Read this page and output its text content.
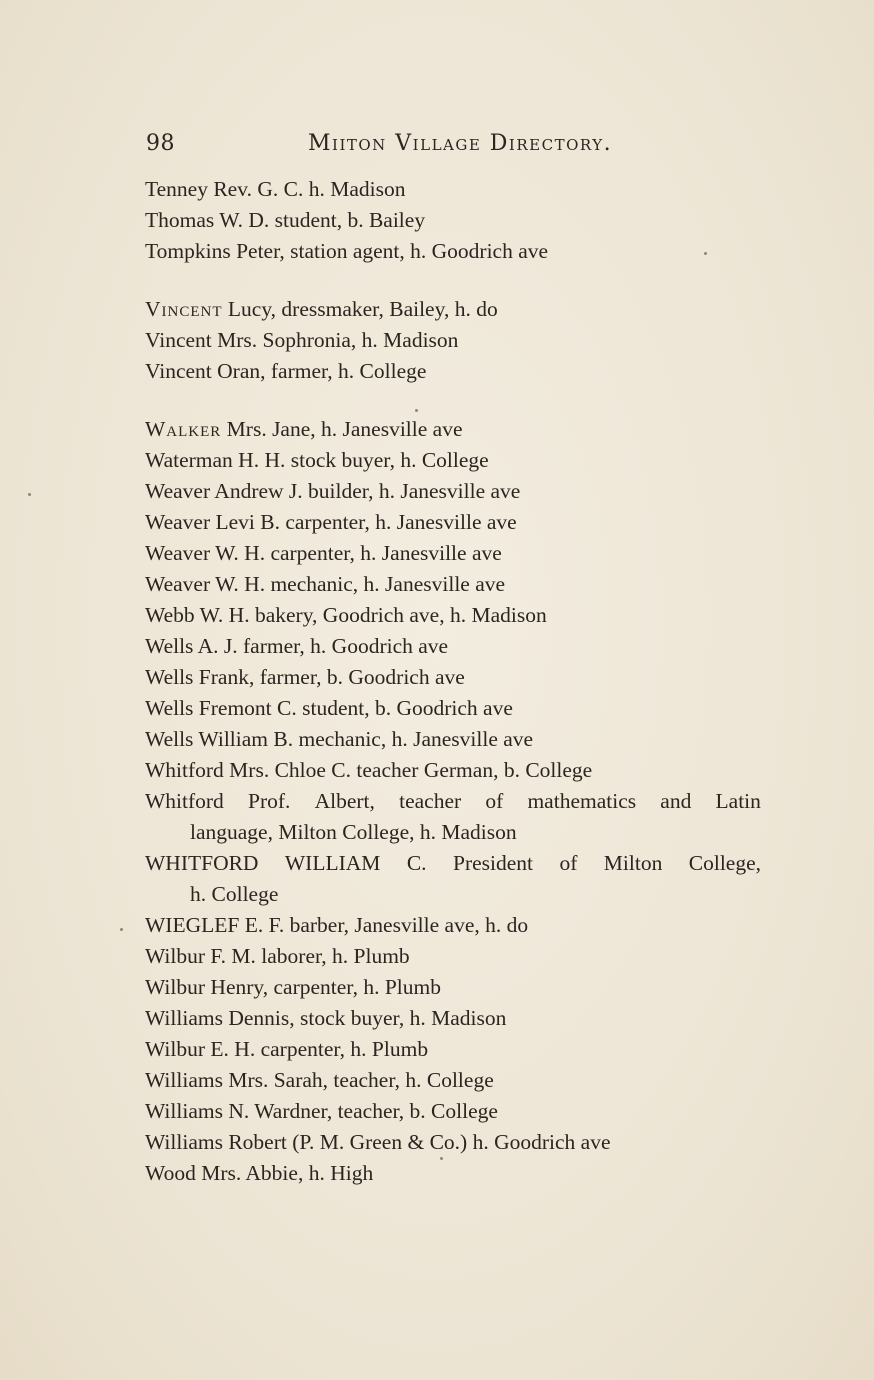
98	Miiton Village Directory.
Tenney Rev. G. C. h. Madison
Thomas W. D. student, b. Bailey
Tompkins Peter, station agent, h. Goodrich ave
Vincent Lucy, dressmaker, Bailey, h. do
Vincent Mrs. Sophronia, h. Madison
Vincent Oran, farmer, h. College
Walker Mrs. Jane, h. Janesville ave
Waterman H. H. stock buyer, h. College
Weaver Andrew J. builder, h. Janesville ave
Weaver Levi B. carpenter, h. Janesville ave
Weaver W. H. carpenter, h. Janesville ave
Weaver W. H. mechanic, h. Janesville ave
Webb W. H. bakery, Goodrich ave, h. Madison
Wells A. J. farmer, h. Goodrich ave
Wells Frank, farmer, b. Goodrich ave
Wells Fremont C. student, b. Goodrich ave
Wells William B. mechanic, h. Janesville ave
Whitford Mrs. Chloe C. teacher German, b. College
Whitford Prof. Albert, teacher of mathematics and Latin
language, Milton College, h. Madison
WHITFORD WILLIAM C. President of Milton College,
h. College
WIEGLEF E. F. barber, Janesville ave, h. do
Wilbur F. M. laborer, h. Plumb
Wilbur Henry, carpenter, h. Plumb
Williams Dennis, stock buyer, h. Madison
Wilbur E. H. carpenter, h. Plumb
Williams Mrs. Sarah, teacher, h. College
Williams N. Wardner, teacher, b. College
Williams Robert (P. M. Green & Co.) h. Goodrich ave
Wood Mrs. Abbie, h. High
